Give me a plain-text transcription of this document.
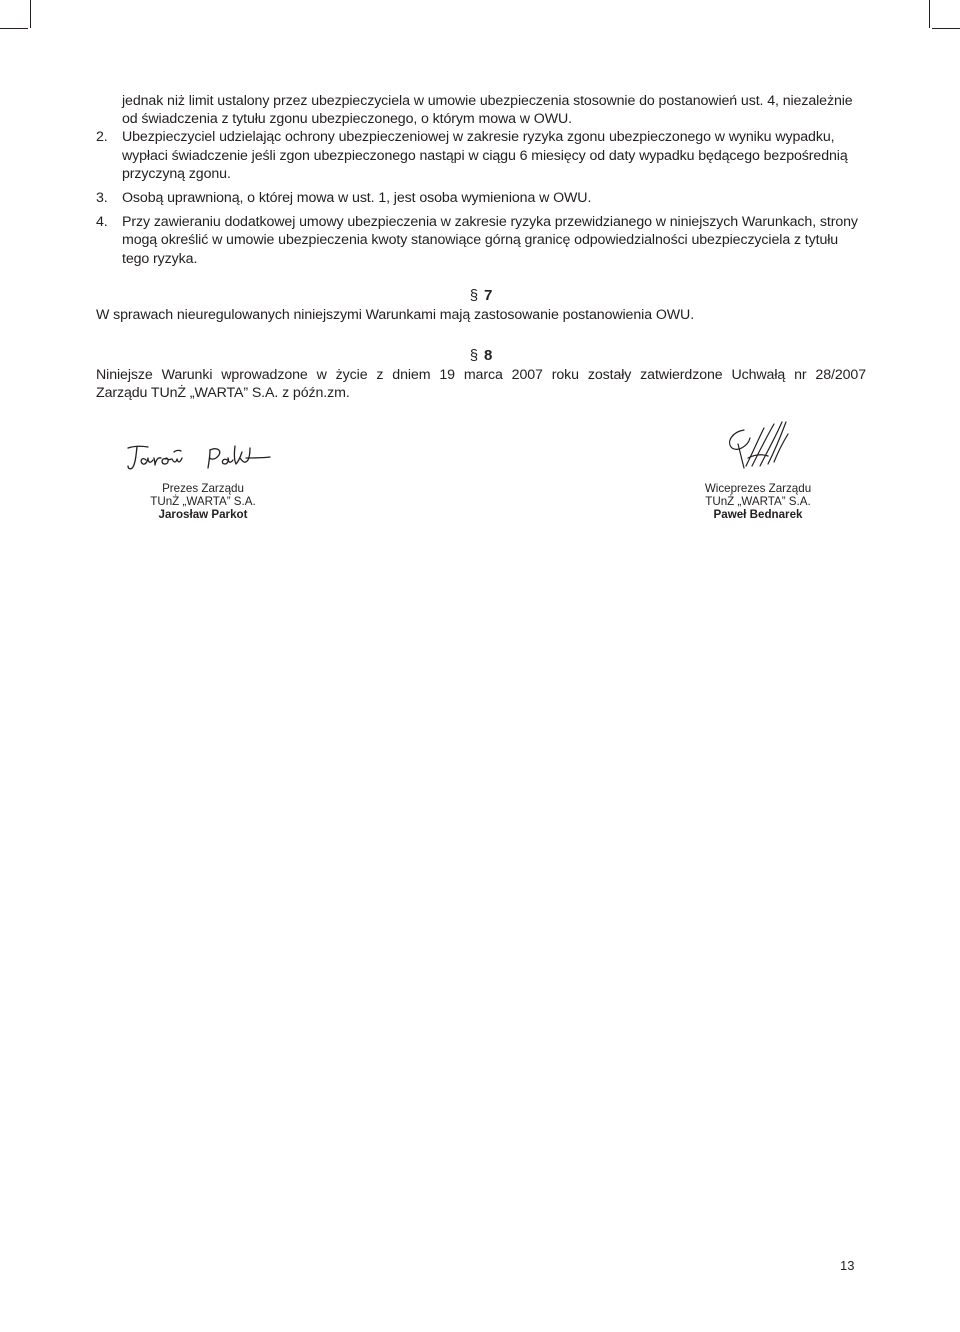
jednak niż limit ustalony przez ubezpieczyciela w umowie ubezpieczenia stosownie do postanowień ust. 4, niezależnie
od świadczenia z tytułu zgonu ubezpieczonego, o którym mowa w OWU.
2. Ubezpieczyciel udzielając ochrony ubezpieczeniowej w zakresie ryzyka zgonu ubezpieczonego w wyniku wypadku,
wypłaci świadczenie jeśli zgon ubezpieczonego nastąpi w ciągu 6 miesięcy od daty wypadku będącego bezpośrednią
przyczyną zgonu.
3. Osobą uprawnioną, o której mowa w ust. 1, jest osoba wymieniona w OWU.
4. Przy zawieraniu dodatkowej umowy ubezpieczenia w zakresie ryzyka przewidzianego w niniejszych Warunkach, strony
mogą określić w umowie ubezpieczenia kwoty stanowiące górną granicę odpowiedzialności ubezpieczyciela z tytułu
tego ryzyka.
§ 7
W sprawach nieuregulowanych niniejszymi Warunkami mają zastosowanie postanowienia OWU.
§ 8
Niniejsze Warunki wprowadzone w życie z dniem 19 marca 2007 roku zostały zatwierdzone Uchwałą nr 28/2007
Zarządu TUnŻ „WARTA” S.A. z późn.zm.
Prezes Zarządu
TUnŻ „WARTA” S.A.
Jarosław Parkot
Wiceprezes Zarządu
TUnŻ „WARTA” S.A.
Paweł Bednarek
13
